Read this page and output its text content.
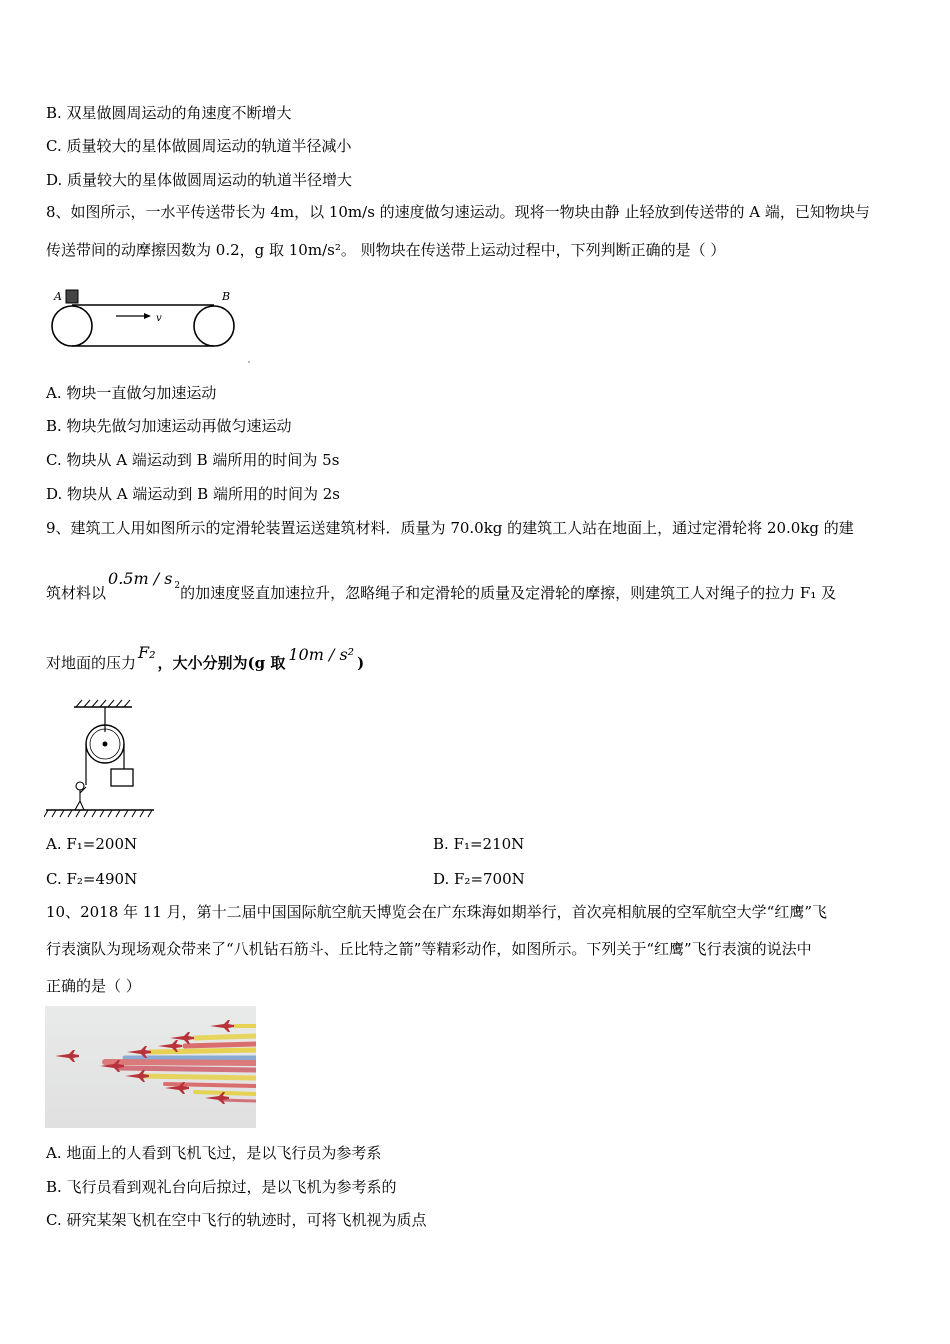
B. 双星做圆周运动的角速度不断增大
C. 质量较大的星体做圆周运动的轨道半径减小
D. 质量较大的星体做圆周运动的轨道半径增大
8、如图所示，一水平传送带长为 4m，以 10m/s 的速度做匀速运动。现将一物块由静 止轻放到传送带的 A 端，已知物块与
传送带间的动摩擦因数为 0.2，g 取 10m/s²。 则物块在传送带上运动过程中，下列判断正确的是（ ）
A	B
v
A. 物块一直做匀加速运动
B. 物块先做匀加速运动再做匀速运动
C. 物块从 A 端运动到 B 端所用的时间为 5s
D. 物块从 A 端运动到 B 端所用的时间为 2s
9、建筑工人用如图所示的定滑轮装置运送建筑材料．质量为 70.0kg 的建筑工人站在地面上，通过定滑轮将 20.0kg 的建
筑材料以0.5m / s $^2$的加速度竖直加速拉升，忽略绳子和定滑轮的质量及定滑轮的摩擦，则建筑工人对绳子的拉力 F₁ 及
对地面的压力F₂，大小分别为(g 取 10m / s² )
A. F₁=200N	B. F₁=210N
C. F₂=490N	D. F₂=700N
10、2018 年 11 月，第十二届中国国际航空航天博览会在广东珠海如期举行，首次亮相航展的空军航空大学“红鹰”飞
行表演队为现场观众带来了“八机钻石筋斗、丘比特之箭”等精彩动作，如图所示。下列关于“红鹰”飞行表演的说法中
正确的是（ ）
A. 地面上的人看到飞机飞过，是以飞行员为参考系
B. 飞行员看到观礼台向后掠过，是以飞机为参考系的
C. 研究某架飞机在空中飞行的轨迹时，可将飞机视为质点
